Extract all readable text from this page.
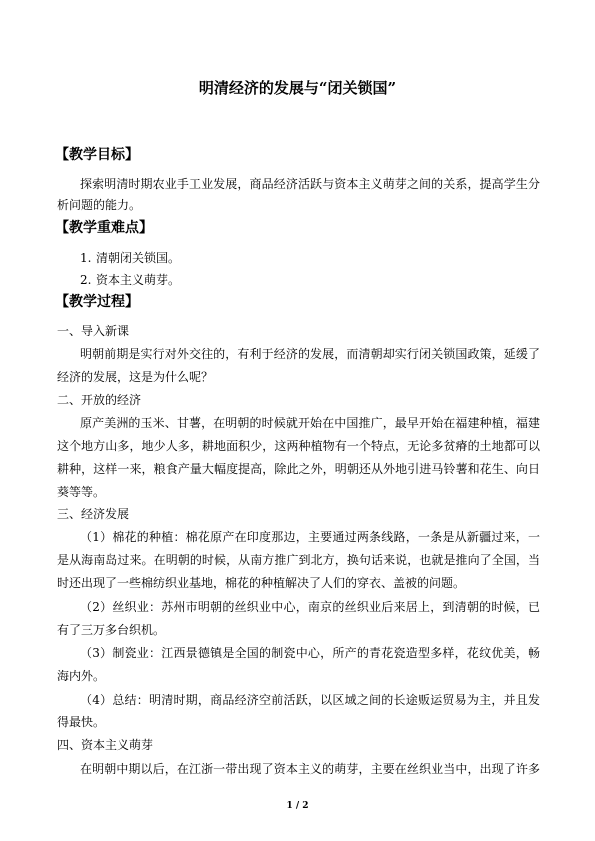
明清经济的发展与“闭关锁国”
【教学目标】
探索明清时期农业手工业发展，商品经济活跃与资本主义萌芽之间的关系，提高学生分
析问题的能力。
【教学重难点】
1. 清朝闭关锁国。
2. 资本主义萌芽。
【教学过程】
一、导入新课
明朝前期是实行对外交往的，有利于经济的发展，而清朝却实行闭关锁国政策，延缓了
经济的发展，这是为什么呢？
二、开放的经济
原产美洲的玉米、甘薯，在明朝的时候就开始在中国推广，最早开始在福建种植，福建
这个地方山多，地少人多，耕地面积少，这两种植物有一个特点，无论多贫瘠的土地都可以
耕种，这样一来，粮食产量大幅度提高，除此之外，明朝还从外地引进马铃薯和花生、向日
葵等等。
三、经济发展
（1）棉花的种植：棉花原产在印度那边，主要通过两条线路，一条是从新疆过来，一
是从海南岛过来。在明朝的时候，从南方推广到北方，换句话来说，也就是推向了全国，当
时还出现了一些棉纺织业基地，棉花的种植解决了人们的穿衣、盖被的问题。
（2）丝织业：苏州市明朝的丝织业中心，南京的丝织业后来居上，到清朝的时候，已
有了三万多台织机。
（3）制瓷业：江西景德镇是全国的制瓷中心，所产的青花瓷造型多样，花纹优美，畅
海内外。
（4）总结：明清时期，商品经济空前活跃，以区域之间的长途贩运贸易为主，并且发
得最快。
四、资本主义萌芽
在明朝中期以后，在江浙一带出现了资本主义的萌芽，主要在丝织业当中，出现了许多
1 / 2
